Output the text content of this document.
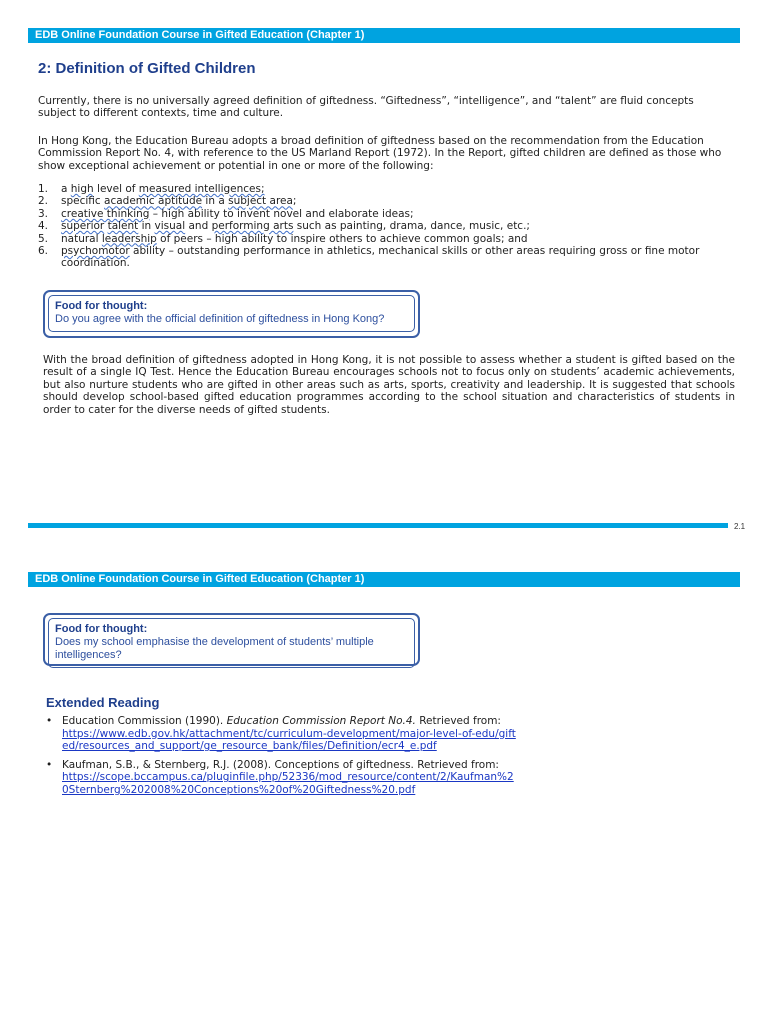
EDB Online Foundation Course in Gifted Education (Chapter 1)
2: Definition of Gifted Children

Currently, there is no universally agreed definition of giftedness. “Giftedness”, “intelligence”, and “talent” are fluid concepts subject to different contexts, time and culture.

In Hong Kong, the Education Bureau adopts a broad definition of giftedness based on the recommendation from the Education Commission Report No. 4, with reference to the US Marland Report (1972). In the Report, gifted children are defined as those who show exceptional achievement or potential in one or more of the following:

1. a high level of measured intelligences;
2. specific academic aptitude in a subject area;
3. creative thinking – high ability to invent novel and elaborate ideas;
4. superior talent in visual and performing arts such as painting, drama, dance, music, etc.;
5. natural leadership of peers – high ability to inspire others to achieve common goals; and
6. psychomotor ability – outstanding performance in athletics, mechanical skills or other areas requiring gross or fine motor coordination.
Food for thought:
Do you agree with the official definition of giftedness in Hong Kong?

With the broad definition of giftedness adopted in Hong Kong, it is not possible to assess whether a student is gifted based on the result of a single IQ Test. Hence the Education Bureau encourages schools not to focus only on students’ academic achievements, but also nurture students who are gifted in other areas such as arts, sports, creativity and leadership. It is suggested that schools should develop school-based gifted education programmes according to the school situation and characteristics of students in order to cater for the diverse needs of gifted students.

2.1
EDB Online Foundation Course in Gifted Education (Chapter 1)
Food for thought:
Does my school emphasise the development of students’ multiple intelligences?
Extended Reading
• Education Commission (1990). Education Commission Report No.4. Retrieved from:
https://www.edb.gov.hk/attachment/tc/curriculum-development/major-level-of-edu/gifted/resources_and_support/ge_resource_bank/files/Definition/ecr4_e.pdf
• Kaufman, S.B., & Sternberg, R.J. (2008). Conceptions of giftedness. Retrieved from:
https://scope.bccampus.ca/pluginfile.php/52336/mod_resource/content/2/Kaufman%20Sternberg%202008%20Conceptions%20of%20Giftedness%20.pdf
